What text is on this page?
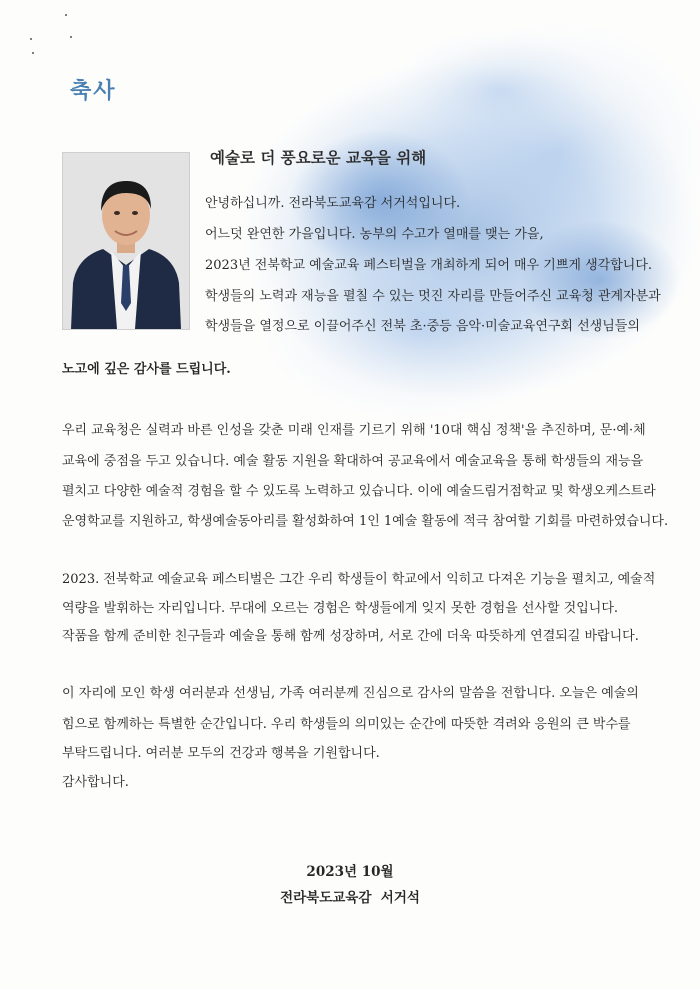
축사
예술로 더 풍요로운 교육을 위해

안녕하십니까. 전라북도교육감 서거석입니다.

어느덧 완연한 가을입니다. 농부의 수고가 열매를 맺는 가을,

2023년 전북학교 예술교육 페스티벌을 개최하게 되어 매우 기쁘게 생각합니다.

학생들의 노력과 재능을 펼칠 수 있는 멋진 자리를 만들어주신 교육청 관계자분과

학생들을 열정으로 이끌어주신 전북 초·중등 음악·미술교육연구회 선생님들의

노고에 깊은 감사를 드립니다.

우리 교육청은 실력과 바른 인성을 갖춘 미래 인재를 기르기 위해 '10대 핵심 정책'을 추진하며, 문·예·체

교육에 중점을 두고 있습니다. 예술 활동 지원을 확대하여 공교육에서 예술교육을 통해 학생들의 재능을

펼치고 다양한 예술적 경험을 할 수 있도록 노력하고 있습니다. 이에 예술드림거점학교 및 학생오케스트라

운영학교를 지원하고, 학생예술동아리를 활성화하여 1인 1예술 활동에 적극 참여할 기회를 마련하였습니다.

2023. 전북학교 예술교육 페스티벌은 그간 우리 학생들이 학교에서 익히고 다져온 기능을 펼치고, 예술적

역량을 발휘하는 자리입니다. 무대에 오르는 경험은 학생들에게 잊지 못한 경험을 선사할 것입니다.

작품을 함께 준비한 친구들과 예술을 통해 함께 성장하며, 서로 간에 더욱 따뜻하게 연결되길 바랍니다.

이 자리에 모인 학생 여러분과 선생님, 가족 여러분께 진심으로 감사의 말씀을 전합니다. 오늘은 예술의

힘으로 함께하는 특별한 순간입니다. 우리 학생들의 의미있는 순간에 따뜻한 격려와 응원의 큰 박수를

부탁드립니다. 여러분 모두의 건강과 행복을 기원합니다.

감사합니다.

2023년 10월

전라북도교육감  서거석
